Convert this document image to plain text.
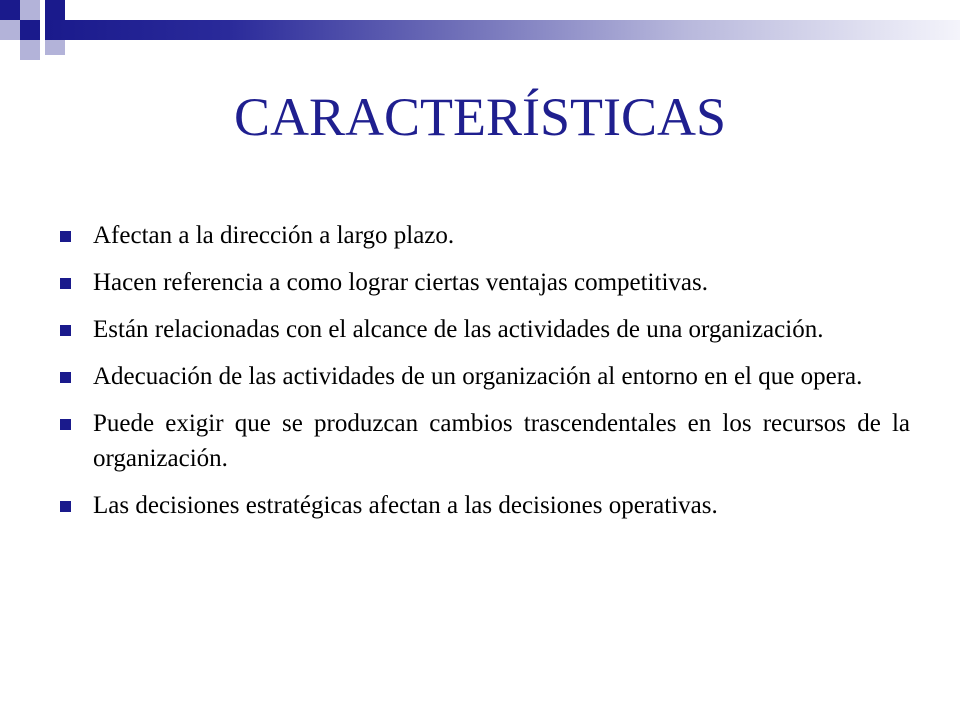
CARACTERÍSTICAS
Afectan a la dirección a largo plazo.
Hacen referencia a como lograr ciertas ventajas competitivas.
Están relacionadas con el alcance de las actividades de una organización.
Adecuación de las actividades de un organización al entorno en el que opera.
Puede exigir que se produzcan cambios trascendentales en los recursos de la organización.
Las decisiones estratégicas afectan a las decisiones operativas.
